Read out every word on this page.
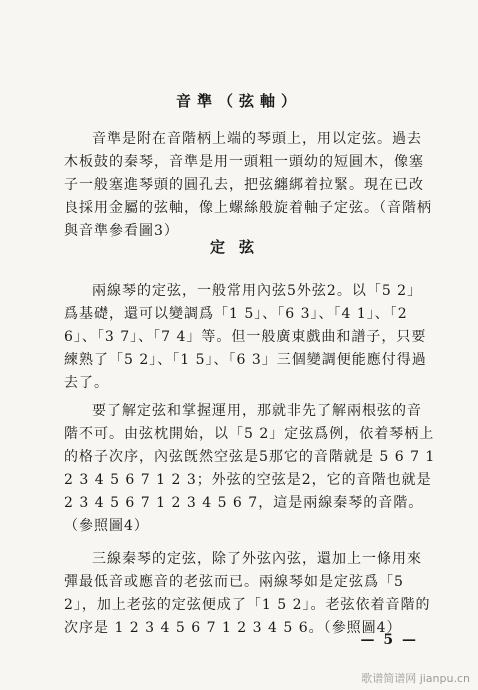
音準（弦軸）
音準是附在音階柄上端的琴頭上，用以定弦。過去木板鼓的秦琴，音準是用一頭粗一頭幼的短圓木，像塞子一般塞進琴頭的圓孔去，把弦纏綁着拉緊。現在已改良採用金屬的弦軸，像上螺絲般旋着軸子定弦。（音階柄與音準參看圖3）
定弦
兩線琴的定弦，一般常用內弦5外弦2。以「5 2」爲基礎，還可以變調爲「1 5」、「6 3」、「4 1」、「2 6」、「3 7」、「7 4」等。但一般廣東戲曲和譜子，只要練熟了「5 2」、「1 5」、「6 3」三個變調便能應付得過去了。
要了解定弦和掌握運用，那就非先了解兩根弦的音階不可。由弦枕開始，以「5 2」定弦爲例，依着琴柄上的格子次序，內弦旣然空弦是5那它的音階就是 5 6 7 1 2 3 4 5 6 7 1 2 3；外弦的空弦是2，它的音階也就是 2 3 4 5 6 7 1 2 3 4 5 6 7，這是兩線秦琴的音階。（參照圖4）
三線秦琴的定弦，除了外弦內弦，還加上一條用來彈最低音或應音的老弦而已。兩線琴如是定弦爲「5 2」，加上老弦的定弦便成了「1 5 2」。老弦依着音階的次序是 1 2 3 4 5 6 7 1 2 3 4 5 6。（參照圖4）
— 5 —
歌谱简谱网 jianpu.cn
